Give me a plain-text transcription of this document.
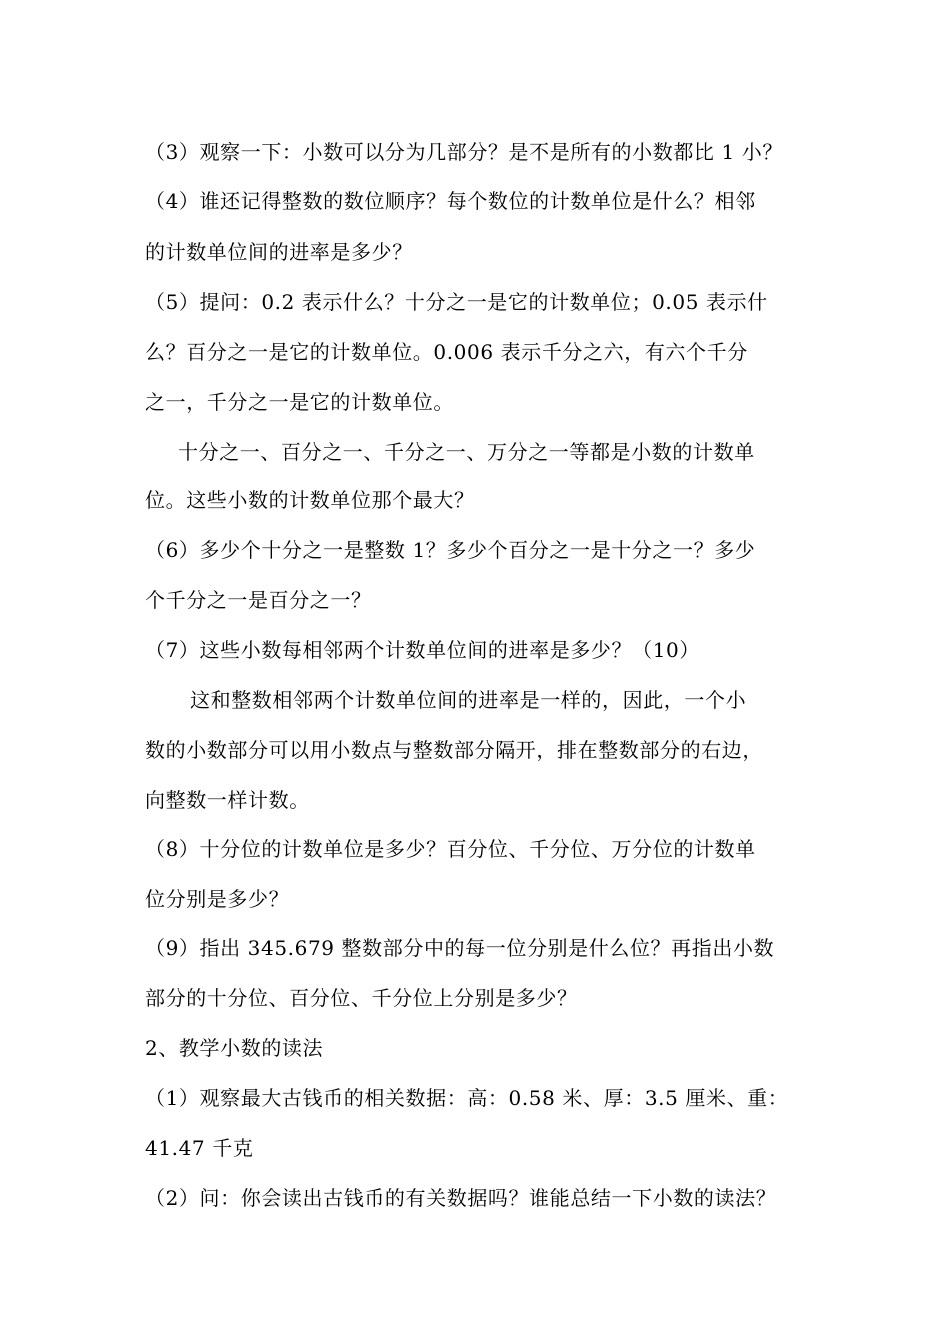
（3）观察一下：小数可以分为几部分？是不是所有的小数都比 1 小？
（4）谁还记得整数的数位顺序？每个数位的计数单位是什么？相邻
的计数单位间的进率是多少？
（5）提问：0.2 表示什么？十分之一是它的计数单位；0.05 表示什
么？百分之一是它的计数单位。0.006 表示千分之六，有六个千分
之一，千分之一是它的计数单位。
十分之一、百分之一、千分之一、万分之一等都是小数的计数单
位。这些小数的计数单位那个最大？
（6）多少个十分之一是整数 1？多少个百分之一是十分之一？多少
个千分之一是百分之一？
（7）这些小数每相邻两个计数单位间的进率是多少？（10）
这和整数相邻两个计数单位间的进率是一样的，因此，一个小
数的小数部分可以用小数点与整数部分隔开，排在整数部分的右边，
向整数一样计数。
（8）十分位的计数单位是多少？百分位、千分位、万分位的计数单
位分别是多少？
（9）指出 345.679 整数部分中的每一位分别是什么位？再指出小数
部分的十分位、百分位、千分位上分别是多少？
2、教学小数的读法
（1）观察最大古钱币的相关数据：高：0.58 米、厚：3.5 厘米、重：
41.47 千克
（2）问：你会读出古钱币的有关数据吗？谁能总结一下小数的读法？
